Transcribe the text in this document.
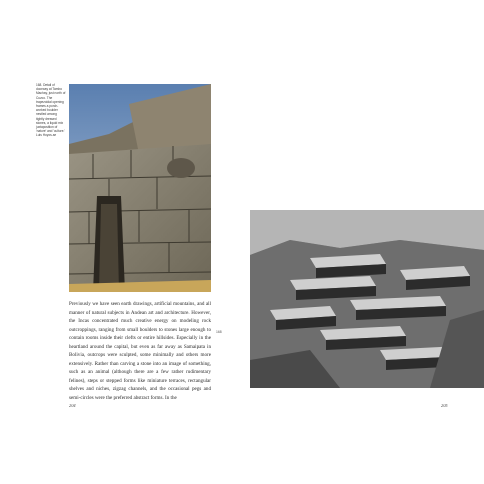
168. Detail of doorway at Tambo Machay, just north of Cuzco. The trapezoidal opening frames a porch-worked boulder nestled among tightly dressed stones, a liquid mix juxtaposition of 'nature' and 'culture.' Luis Hoyos-se

Previously we have seen earth drawings, artificial mountains, and all manner of natural subjects in Andean art and architecture. However, the Incas concentrated much creative energy on modeling rock outcroppings, ranging from small boulders to stones large enough to contain rooms inside their clefts or entire hillsides. Especially in the heartland around the capital, but even as far away as Samaipata in Bolivia, outcrops were sculpted, some minimally and others more extensively. Rather than carving a stone into an image of something, such as an animal (although there are a few rather rudimentary felines), steps or stepped forms like miniature terraces, rectangular shelves and niches, zigzag channels, and the occasional pegs and semi-circles were the preferred abstract forms. In the

168
204	205
